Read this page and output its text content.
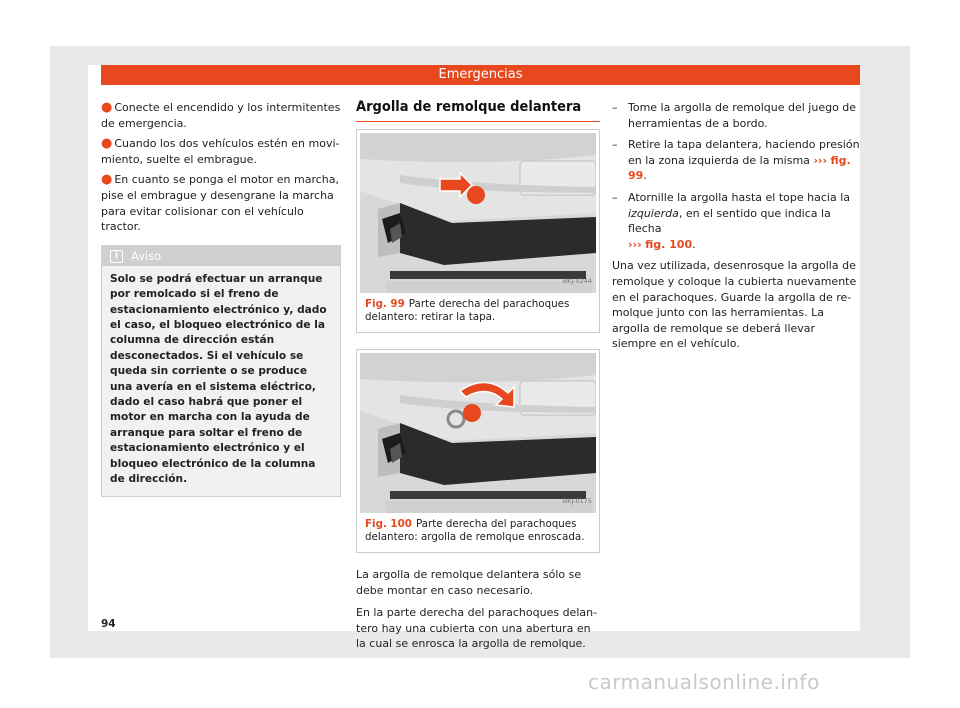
Emergencias

● Conecte el encendido y los intermitentes de emergencia.

● Cuando los dos vehículos estén en movimiento, suelte el embrague.

● En cuanto se ponga el motor en marcha, pise el embrague y desengrane la marcha para evitar colisionar con el vehículo tractor.

i Aviso
Solo se podrá efectuar un arranque por remolcado si el freno de estacionamiento electrónico y, dado el caso, el bloqueo electrónico de la columna de dirección están desconectados. Si el vehículo se queda sin corriente o se produce una avería en el sistema eléctrico, dado el caso habrá que poner el motor en marcha con la ayuda de arranque para soltar el freno de estacionamiento electrónico y el bloqueo electrónico de la columna de dirección.
Argolla de remolque delantera
BKJ-0244
Fig. 99 Parte derecha del parachoques delantero: retirar la tapa.
BKJ-0175
Fig. 100 Parte derecha del parachoques delantero: argolla de remolque enroscada.

La argolla de remolque delantera sólo se debe montar en caso necesario.

En la parte derecha del parachoques delantero hay una cubierta con una abertura en la cual se enrosca la argolla de remolque.

– Tome la argolla de remolque del juego de herramientas de a bordo.
– Retire la tapa delantera, haciendo presión en la zona izquierda de la misma ››› fig. 99.
– Atornille la argolla hasta el tope hacia la izquierda, en el sentido que indica la flecha
››› fig. 100.

Una vez utilizada, desenrosque la argolla de remolque y coloque la cubierta nuevamente en el parachoques. Guarde la argolla de remolque junto con las herramientas. La argolla de remolque se deberá llevar siempre en el vehículo.

94
carmanualsonline.info
